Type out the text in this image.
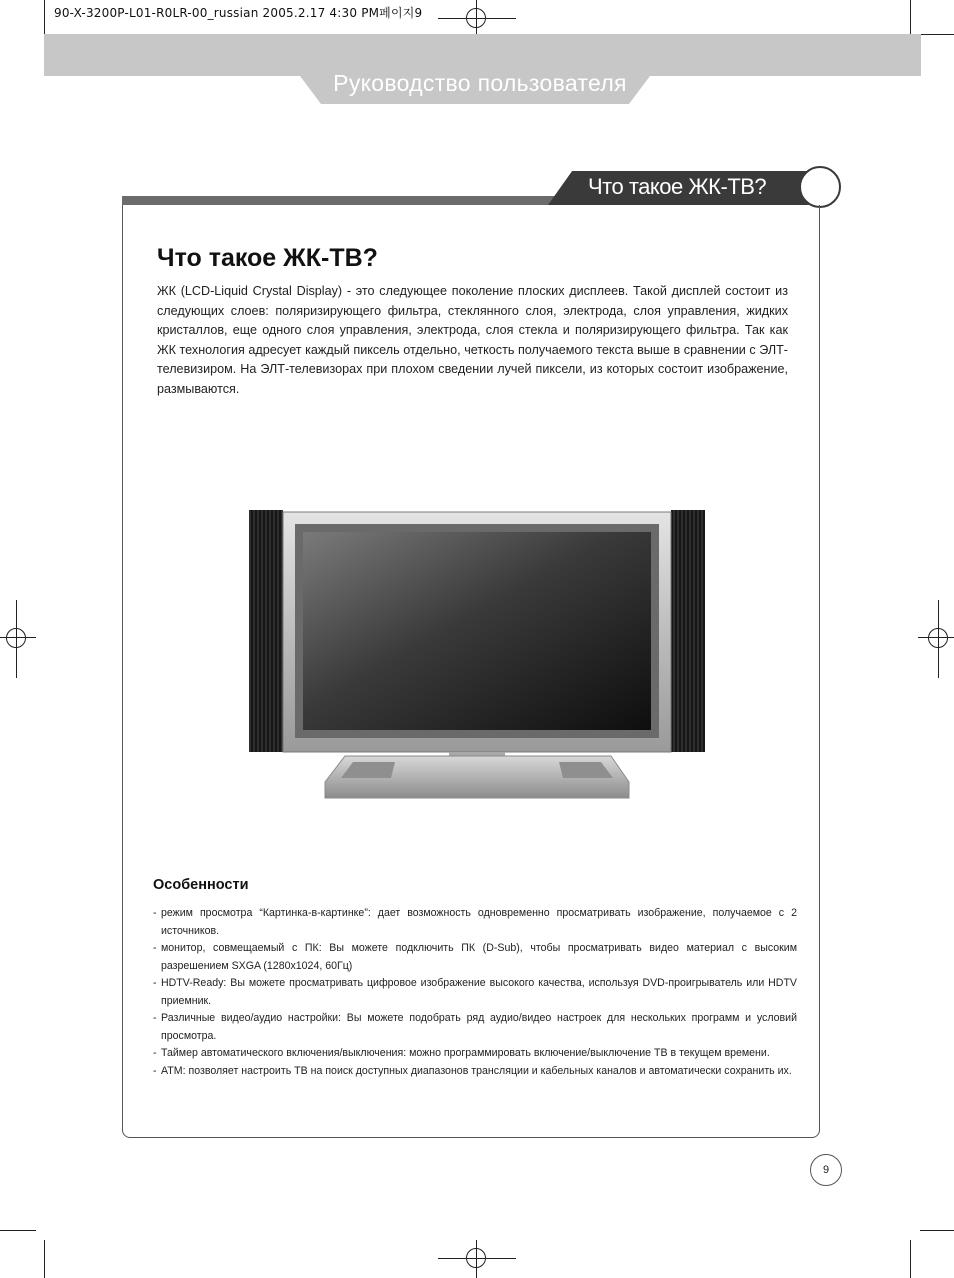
90-X-3200P-L01-R0LR-00_russian 2005.2.17 4:30 PM페이지9
Руководство пользователя
Что такое ЖК-ТВ?
Что такое ЖК-ТВ?
ЖК (LCD-Liquid Crystal Display) - это следующее поколение плоских дисплеев. Такой дисплей состоит из следующих слоев: поляризирующего фильтра, стеклянного слоя, электрода, слоя управления, жидких кристаллов, еще одного слоя управления, электрода, слоя стекла и поляризирующего фильтра. Так как ЖК технология адресует каждый пиксель отдельно, четкость получаемого текста выше в сравнении с ЭЛТ-телевизиром. На ЭЛТ-телевизорах при плохом сведении лучей пиксели, из которых состоит изображение, размываются.
Особенности
- режим просмотра “Картинка-в-картинке”: дает возможность одновременно просматривать изображение, получаемое с 2 источников.
- монитор, совмещаемый с ПК: Вы можете подключить ПК (D-Sub), чтобы просматривать видео материал с высоким разрешением SXGA (1280x1024, 60Гц)
- HDTV-Ready: Вы можете просматривать цифровое изображение высокого качества, используя DVD-проигрыватель или HDTV приемник.
- Различные видео/аудио настройки: Вы можете подобрать ряд аудио/видео настроек для нескольких программ и условий просмотра.
- Таймер автоматического включения/выключения: можно программировать включение/выключение ТВ в текущем времени.
- ATM: позволяет настроить ТВ на поиск доступных диапазонов трансляции и кабельных каналов и автоматически сохранить их.
9
